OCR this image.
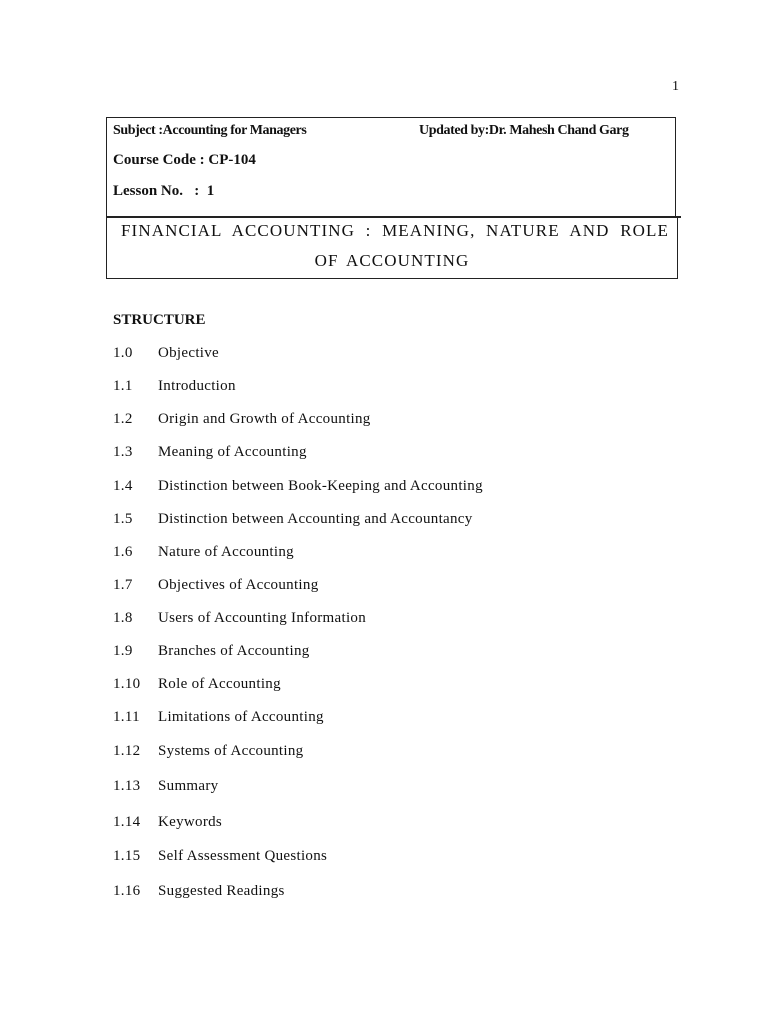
1
Subject :Accounting for Managers	Updated by:Dr. Mahesh Chand Garg
Course Code : CP-104
Lesson No.   :  1
FINANCIAL ACCOUNTING : MEANING, NATURE AND ROLE
OF ACCOUNTING
STRUCTURE
1.0 Objective
1.1 Introduction
1.2 Origin and Growth of Accounting
1.3 Meaning of Accounting
1.4 Distinction between Book-Keeping and Accounting
1.5 Distinction between Accounting and Accountancy
1.6 Nature of Accounting
1.7 Objectives of Accounting
1.8 Users of Accounting Information
1.9 Branches of Accounting
1.10 Role of Accounting
1.11 Limitations of Accounting
1.12 Systems of Accounting
1.13 Summary
1.14 Keywords
1.15 Self Assessment Questions
1.16 Suggested Readings
